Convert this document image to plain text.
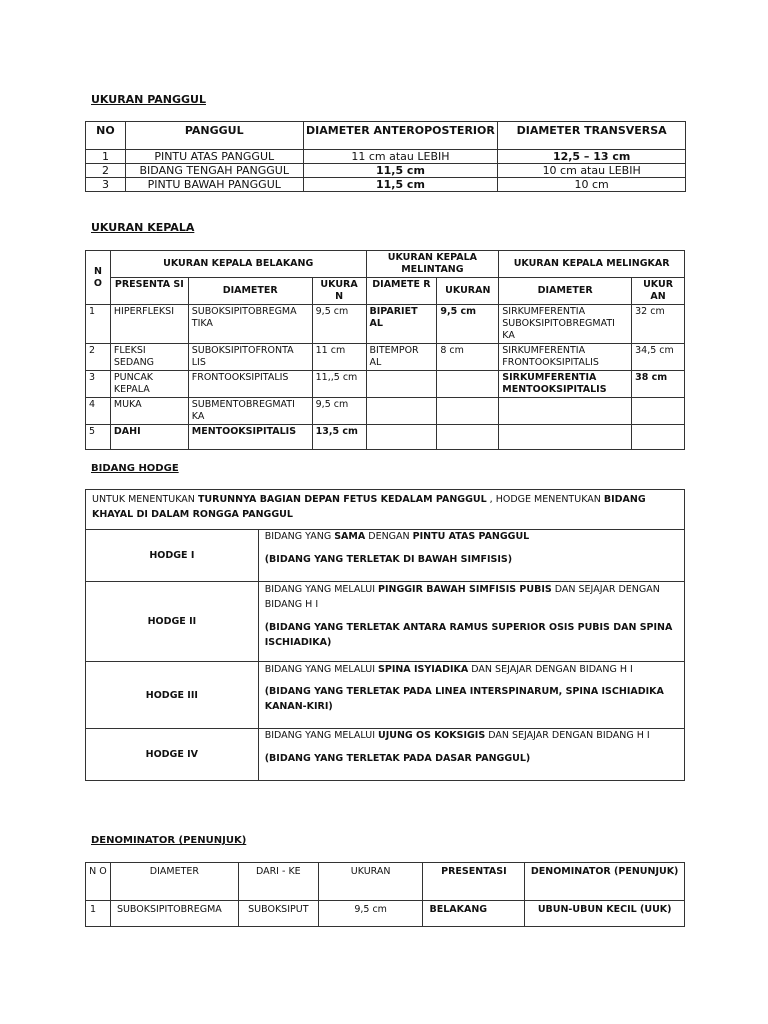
UKURAN PANGGUL
NO	PANGGUL	DIAMETER ANTEROPOSTERIOR	DIAMETER TRANSVERSA
1	PINTU ATAS PANGGUL	11 cm atau LEBIH	12,5 – 13 cm
2	BIDANG TENGAH PANGGUL	11,5 cm	10 cm atau LEBIH
3	PINTU BAWAH PANGGUL	11,5 cm	10 cm
UKURAN KEPALA
N O	UKURAN KEPALA BELAKANG			UKURAN KEPALA MELINTANG		UKURAN KEPALA MELINGKAR	
	PRESENTA SI	DIAMETER	UKURA N	DIAMETE R	UKURAN	DIAMETER	UKUR AN
1	HIPERFLEKSI	SUBOKSIPITOBREGMA TIKA	9,5 cm	BIPARIET AL	9,5 cm	SIRKUMFERENTIA SUBOKSIPITOBREGMATI KA	32 cm
2	FLEKSI SEDANG	SUBOKSIPITOFRONTA LIS	11 cm	BITEMPOR AL	8 cm	SIRKUMFERENTIA FRONTOOKSIPITALIS	34,5 cm
3	PUNCAK KEPALA	FRONTOOKSIPITALIS	11,,5 cm			SIRKUMFERENTIA MENTOOKSIPITALIS	38 cm
4	MUKA	SUBMENTOBREGMATI KA	9,5 cm				
5	DAHI	MENTOOKSIPITALIS	13,5 cm				
BIDANG HODGE
UNTUK MENENTUKAN TURUNNYA BAGIAN DEPAN FETUS KEDALAM PANGGUL , HODGE MENENTUKAN BIDANG KHAYAL DI DALAM RONGGA PANGGUL	
HODGE I	BIDANG YANG SAMA DENGAN PINTU ATAS PANGGUL
(BIDANG YANG TERLETAK DI BAWAH SIMFISIS)

HODGE II	BIDANG YANG MELALUI PINGGIR BAWAH SIMFISIS PUBIS DAN SEJAJAR DENGAN BIDANG H I
(BIDANG YANG TERLETAK ANTARA RAMUS SUPERIOR OSIS PUBIS DAN SPINA ISCHIADIKA)

HODGE III	BIDANG YANG MELALUI SPINA ISYIADIKA DAN SEJAJAR DENGAN BIDANG H I
(BIDANG YANG TERLETAK PADA LINEA INTERSPINARUM, SPINA ISCHIADIKA KANAN-KIRI)

HODGE IV	BIDANG YANG MELALUI UJUNG OS KOKSIGIS DAN SEJAJAR DENGAN BIDANG H I
(BIDANG YANG TERLETAK PADA DASAR PANGGUL)
DENOMINATOR (PENUNJUK)
N O	DIAMETER	DARI - KE	UKURAN	PRESENTASI	DENOMINATOR (PENUNJUK)
1	SUBOKSIPITOBREGMA	SUBOKSIPUT	9,5 cm	BELAKANG	UBUN-UBUN KECIL (UUK)
